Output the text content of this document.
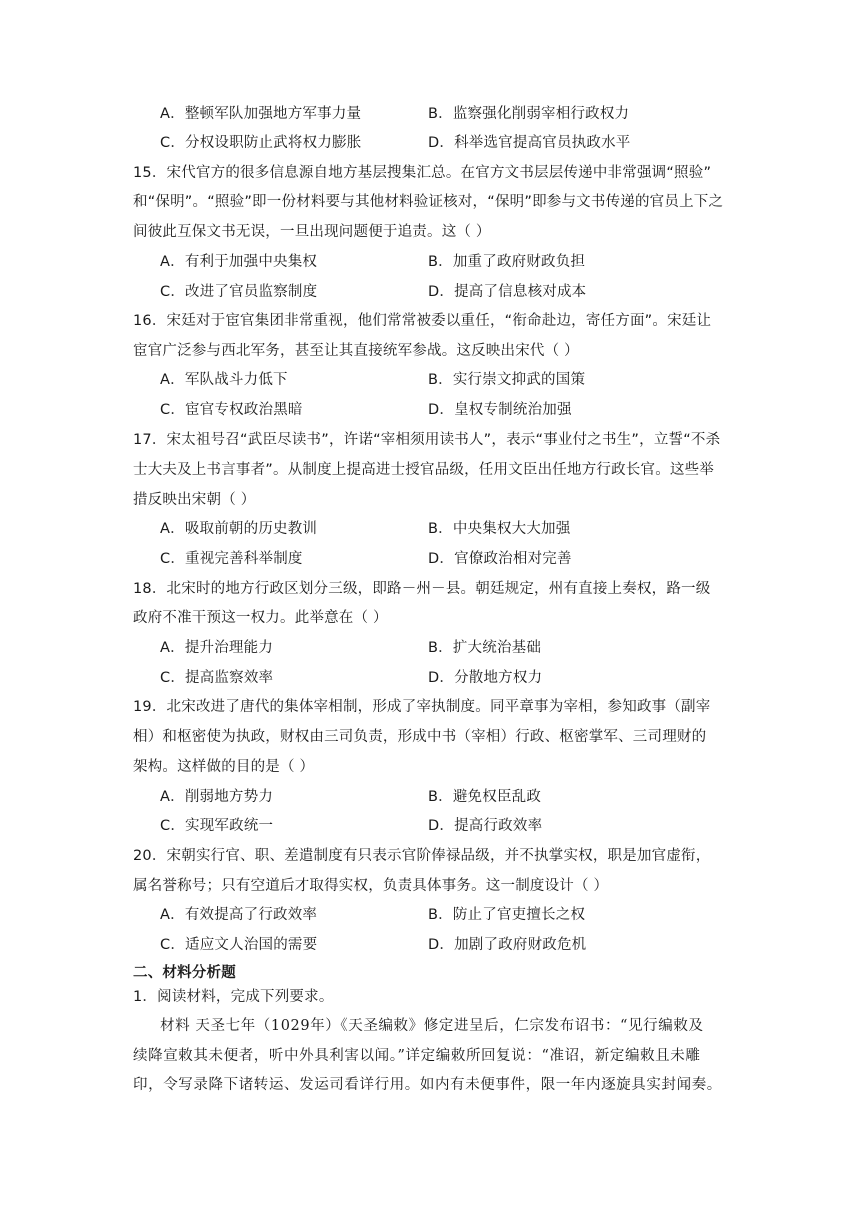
A．整顿军队加强地方军事力量	B．监察强化削弱宰相行政权力
C．分权设职防止武将权力膨胀	D．科举选官提高官员执政水平
15．宋代官方的很多信息源自地方基层搜集汇总。在官方文书层层传递中非常强调“照验”
和“保明”。“照验”即一份材料要与其他材料验证核对，“保明”即参与文书传递的官员上下之
间彼此互保文书无误，一旦出现问题便于追责。这（ ）
A．有利于加强中央集权	B．加重了政府财政负担
C．改进了官员监察制度	D．提高了信息核对成本
16．宋廷对于宦官集团非常重视，他们常常被委以重任，“衔命赴边，寄任方面”。宋廷让
宦官广泛参与西北军务，甚至让其直接统军参战。这反映出宋代（ ）
A．军队战斗力低下	B．实行崇文抑武的国策
C．宦官专权政治黑暗	D．皇权专制统治加强
17．宋太祖号召“武臣尽读书”，许诺“宰相须用读书人”，表示“事业付之书生”，立誓“不杀
士大夫及上书言事者”。从制度上提高进士授官品级，任用文臣出任地方行政长官。这些举
措反映出宋朝（ ）
A．吸取前朝的历史教训	B．中央集权大大加强
C．重视完善科举制度	D．官僚政治相对完善
18．北宋时的地方行政区划分三级，即路－州－县。朝廷规定，州有直接上奏权，路一级
政府不准干预这一权力。此举意在（ ）
A．提升治理能力	B．扩大统治基础
C．提高监察效率	D．分散地方权力
19．北宋改进了唐代的集体宰相制，形成了宰执制度。同平章事为宰相，参知政事（副宰
相）和枢密使为执政，财权由三司负责，形成中书（宰相）行政、枢密掌军、三司理财的
架构。这样做的目的是（ ）
A．削弱地方势力	B．避免权臣乱政
C．实现军政统一	D．提高行政效率
20．宋朝实行官、职、差遣制度有只表示官阶俸禄品级，并不执掌实权，职是加官虚衔，
属名誉称号；只有空道后才取得实权，负责具体事务。这一制度设计（ ）
A．有效提高了行政效率	B．防止了官吏擅长之权
C．适应文人治国的需要	D．加剧了政府财政危机
二、材料分析题
1．阅读材料，完成下列要求。
材料 天圣七年（1029年）《天圣编敕》修定进呈后，仁宗发布诏书：“见行编敕及
续降宣敕其未便者，听中外具利害以闻。”详定编敕所回复说：“准诏，新定编敕且未雕
印，令写录降下诸转运、发运司看详行用。如内有未便事件，限一年内逐旋具实封闻奏。
